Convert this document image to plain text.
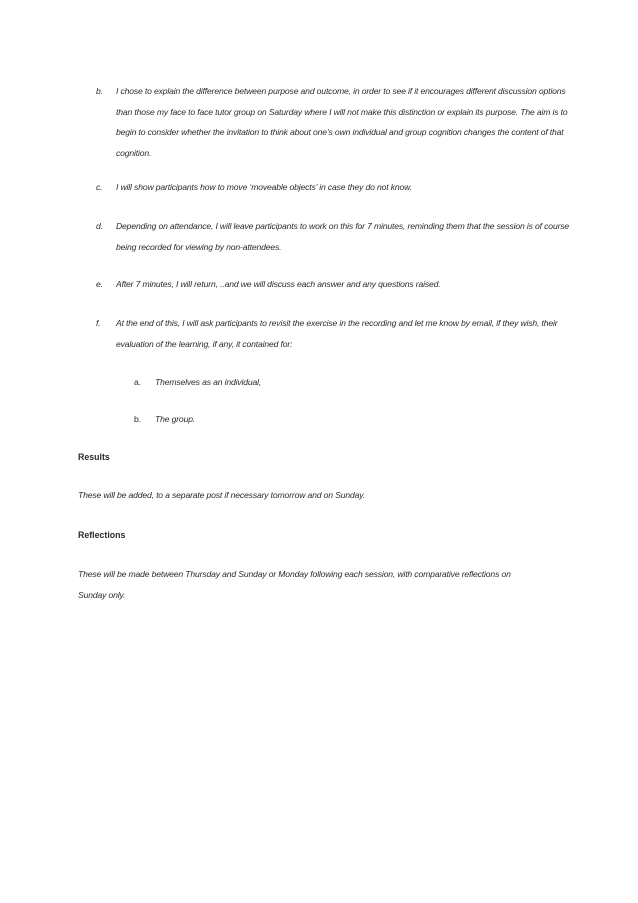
b.	I chose to explain the difference between purpose and outcome, in order to see if it encourages different discussion options than those my face to face tutor group on Saturday where I will not make this distinction or explain its purpose. The aim is to begin to consider whether the invitation to think about one’s own individual and group cognition changes the content of that cognition.
c.	I will show participants how to move ‘moveable objects’ in case they do not know.
d.	Depending on attendance, I will leave participants to work on this for 7 minutes, reminding them that the session is of course being recorded for viewing by non-attendees.
e.	After 7 minutes, I will return, ..and we will discuss each answer and any questions raised.
f.	At the end of this, I will ask participants to revisit the exercise in the recording and let me know by email, if they wish, their evaluation of the learning, if any, it contained for:
a. Themselves as an individual,
b. The group.
Results
These will be added, to a separate post if necessary tomorrow and on Sunday.
Reflections
These will be made between Thursday and Sunday or Monday following each session, with comparative reflections on Sunday only.
